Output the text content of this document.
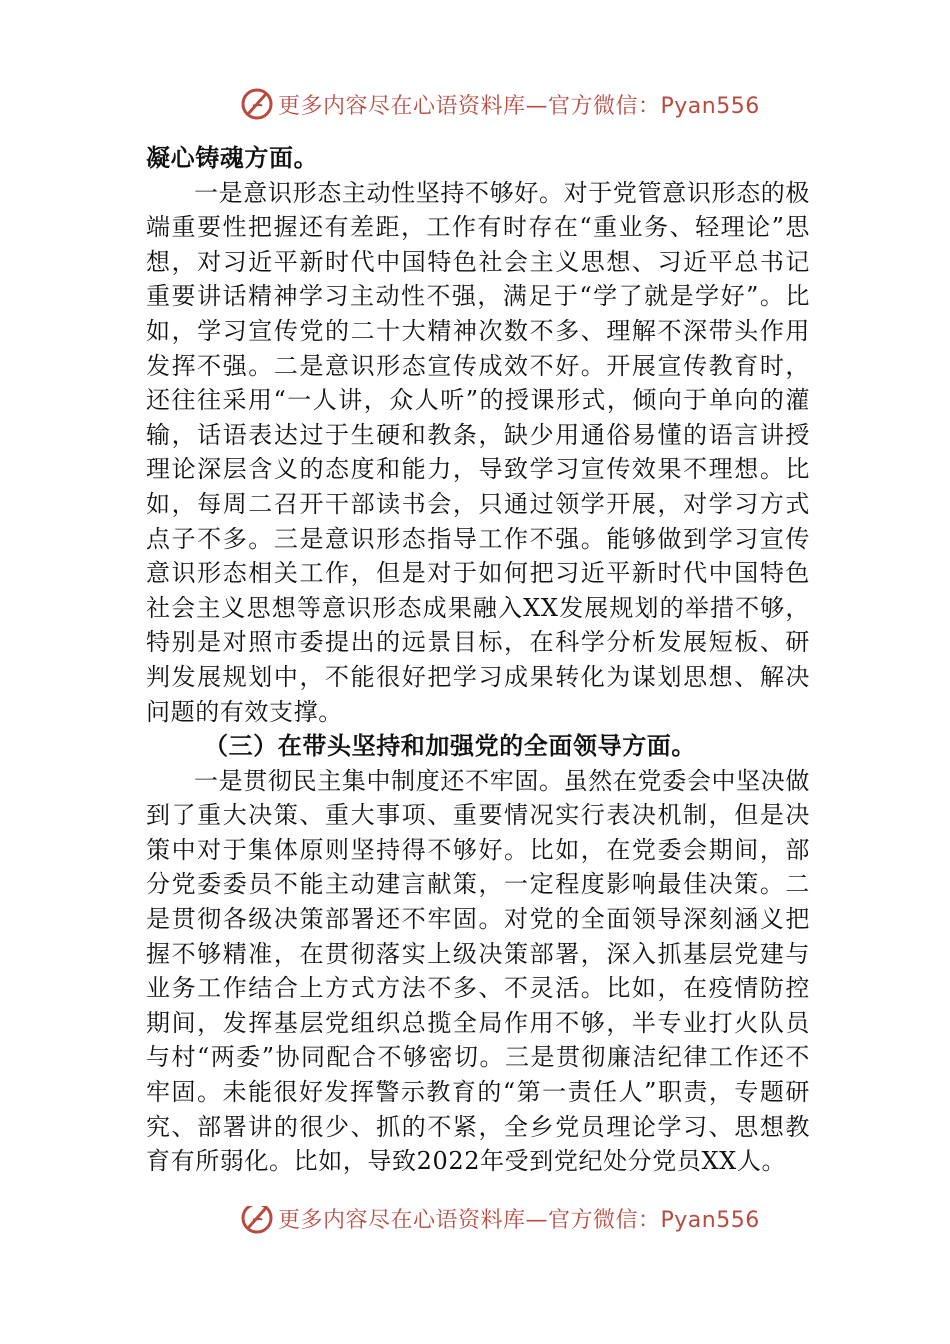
更多内容尽在心语资料库—官方微信：Pyan556

凝心铸魂方面。

一是意识形态主动性坚持不够好。对于党管意识形态的极端重要性把握还有差距，工作有时存在“重业务、轻理论”思想，对习近平新时代中国特色社会主义思想、习近平总书记重要讲话精神学习主动性不强，满足于“学了就是学好”。比如，学习宣传党的二十大精神次数不多、理解不深带头作用发挥不强。二是意识形态宣传成效不好。开展宣传教育时，还往往采用“一人讲，众人听”的授课形式，倾向于单向的灌输，话语表达过于生硬和教条，缺少用通俗易懂的语言讲授理论深层含义的态度和能力，导致学习宣传效果不理想。比如，每周二召开干部读书会，只通过领学开展，对学习方式点子不多。三是意识形态指导工作不强。能够做到学习宣传意识形态相关工作，但是对于如何把习近平新时代中国特色社会主义思想等意识形态成果融入XX发展规划的举措不够，特别是对照市委提出的远景目标，在科学分析发展短板、研判发展规划中，不能很好把学习成果转化为谋划思想、解决问题的有效支撑。

（三）在带头坚持和加强党的全面领导方面。

一是贯彻民主集中制度还不牢固。虽然在党委会中坚决做到了重大决策、重大事项、重要情况实行表决机制，但是决策中对于集体原则坚持得不够好。比如，在党委会期间，部分党委委员不能主动建言献策，一定程度影响最佳决策。二是贯彻各级决策部署还不牢固。对党的全面领导深刻涵义把握不够精准，在贯彻落实上级决策部署，深入抓基层党建与业务工作结合上方式方法不多、不灵活。比如，在疫情防控期间，发挥基层党组织总揽全局作用不够，半专业打火队员与村“两委”协同配合不够密切。三是贯彻廉洁纪律工作还不牢固。未能很好发挥警示教育的“第一责任人”职责，专题研究、部署讲的很少、抓的不紧，全乡党员理论学习、思想教育有所弱化。比如，导致2022年受到党纪处分党员XX人。

更多内容尽在心语资料库—官方微信：Pyan556
